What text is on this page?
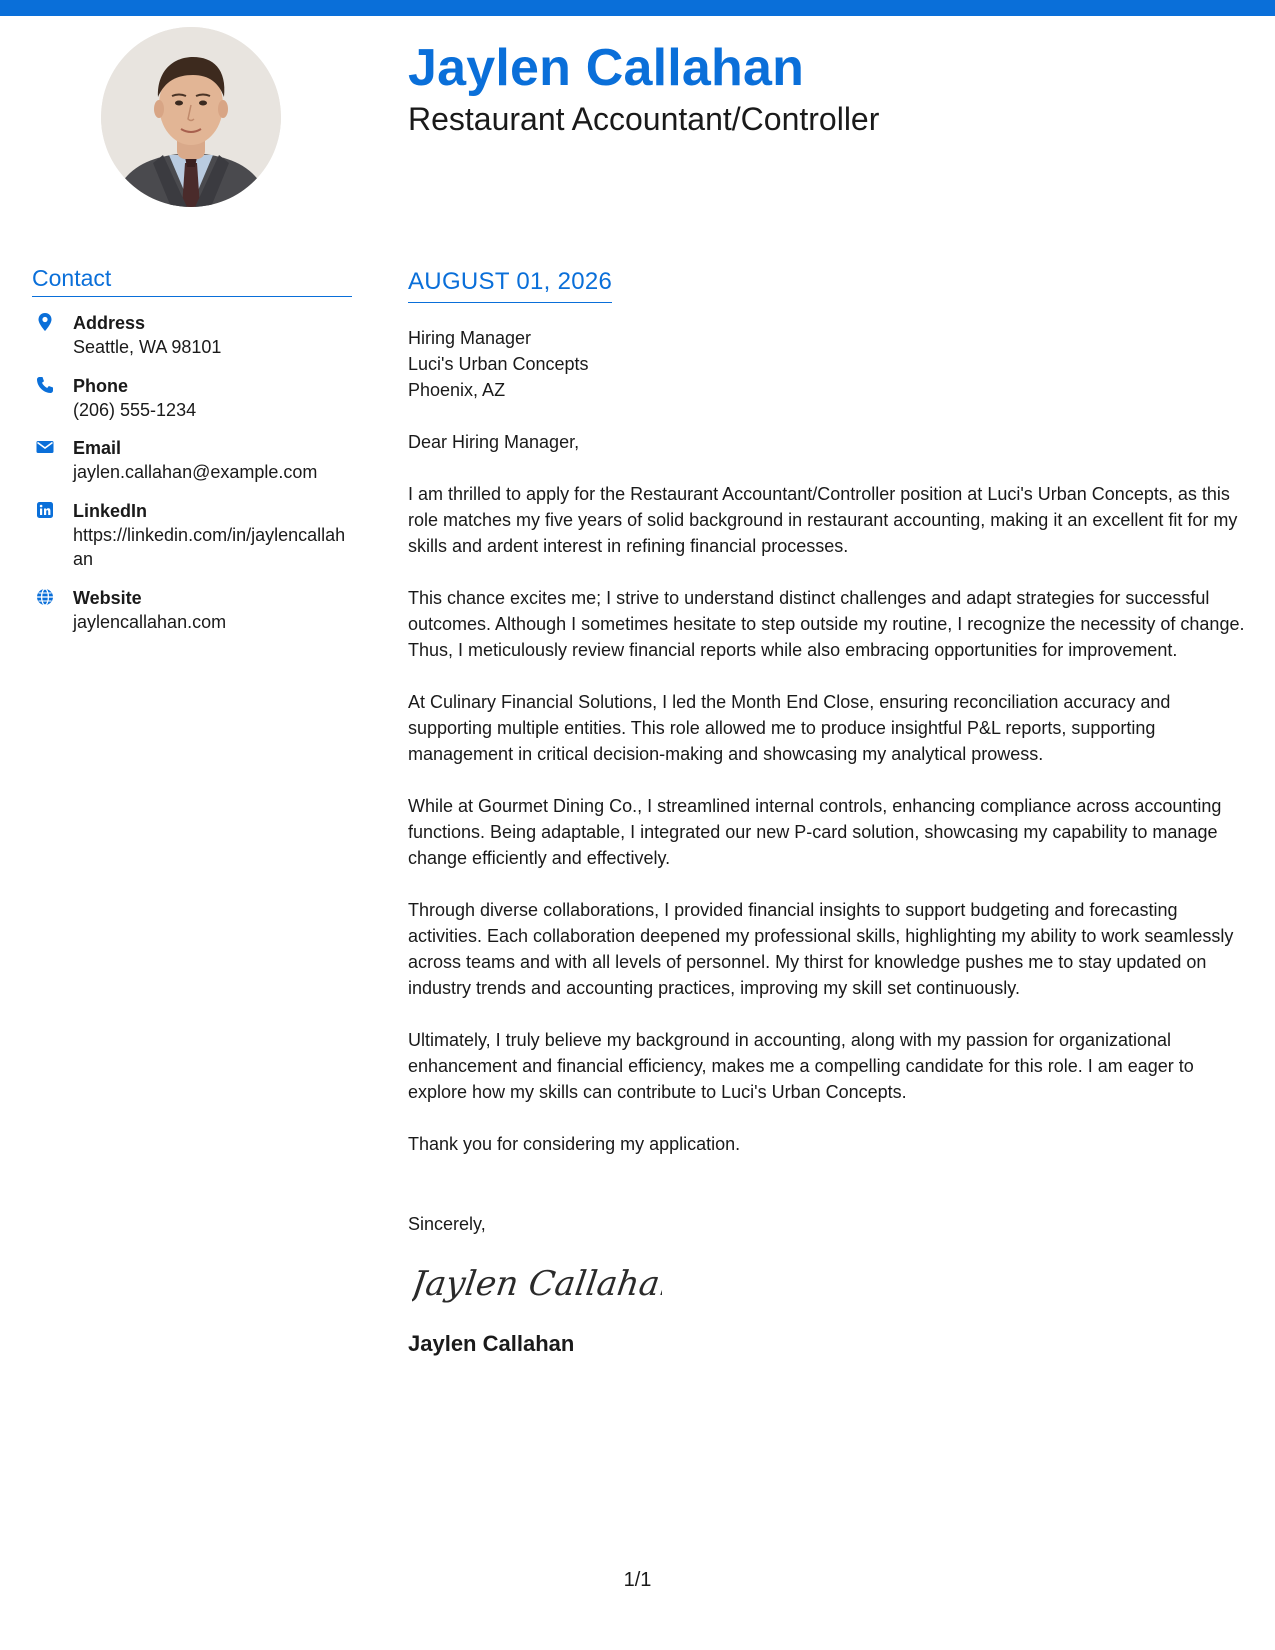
Jaylen Callahan
Restaurant Accountant/Controller
Contact
Address
Seattle, WA 98101
Phone
(206) 555-1234
Email
jaylen.callahan@example.com
LinkedIn
https://linkedin.com/in/jaylencallahan
Website
jaylencallahan.com
AUGUST 01, 2026
Hiring Manager
Luci's Urban Concepts
Phoenix, AZ
Dear Hiring Manager,
I am thrilled to apply for the Restaurant Accountant/Controller position at Luci's Urban Concepts, as this role matches my five years of solid background in restaurant accounting, making it an excellent fit for my skills and ardent interest in refining financial processes.
This chance excites me; I strive to understand distinct challenges and adapt strategies for successful outcomes. Although I sometimes hesitate to step outside my routine, I recognize the necessity of change. Thus, I meticulously review financial reports while also embracing opportunities for improvement.
At Culinary Financial Solutions, I led the Month End Close, ensuring reconciliation accuracy and supporting multiple entities. This role allowed me to produce insightful P&L reports, supporting management in critical decision-making and showcasing my analytical prowess.
While at Gourmet Dining Co., I streamlined internal controls, enhancing compliance across accounting functions. Being adaptable, I integrated our new P-card solution, showcasing my capability to manage change efficiently and effectively.
Through diverse collaborations, I provided financial insights to support budgeting and forecasting activities. Each collaboration deepened my professional skills, highlighting my ability to work seamlessly across teams and with all levels of personnel. My thirst for knowledge pushes me to stay updated on industry trends and accounting practices, improving my skill set continuously.
Ultimately, I truly believe my background in accounting, along with my passion for organizational enhancement and financial efficiency, makes me a compelling candidate for this role. I am eager to explore how my skills can contribute to Luci's Urban Concepts.
Thank you for considering my application.
Sincerely,
Jaylen Callahan
Jaylen Callahan
1/1
